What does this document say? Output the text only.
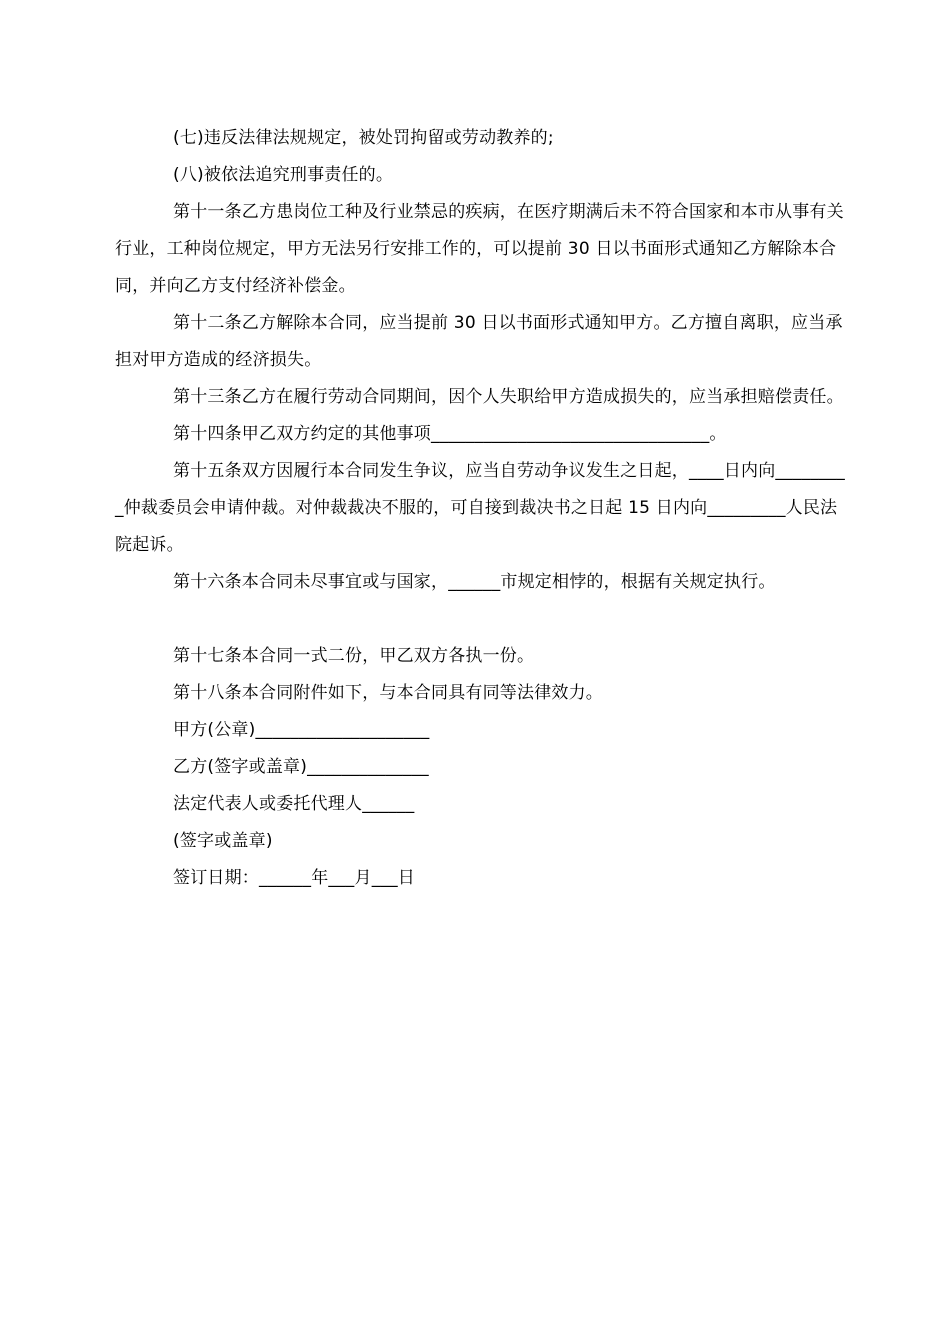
(七)违反法律法规规定，被处罚拘留或劳动教养的;

(八)被依法追究刑事责任的。

第十一条乙方患岗位工种及行业禁忌的疾病，在医疗期满后未不符合国家和本市从事有关行业，工种岗位规定，甲方无法另行安排工作的，可以提前 30 日以书面形式通知乙方解除本合同，并向乙方支付经济补偿金。

第十二条乙方解除本合同，应当提前 30 日以书面形式通知甲方。乙方擅自离职，应当承担对甲方造成的经济损失。

第十三条乙方在履行劳动合同期间，因个人失职给甲方造成损失的，应当承担赔偿责任。

第十四条甲乙双方约定的其他事项________________________________。

第十五条双方因履行本合同发生争议，应当自劳动争议发生之日起，____日内向_________仲裁委员会申请仲裁。对仲裁裁决不服的，可自接到裁决书之日起 15 日内向_________人民法院起诉。

第十六条本合同未尽事宜或与国家，______市规定相悖的，根据有关规定执行。

第十七条本合同一式二份，甲乙双方各执一份。

第十八条本合同附件如下，与本合同具有同等法律效力。

甲方(公章)____________________

乙方(签字或盖章)______________

法定代表人或委托代理人______

(签字或盖章)

签订日期：______年___月___日
